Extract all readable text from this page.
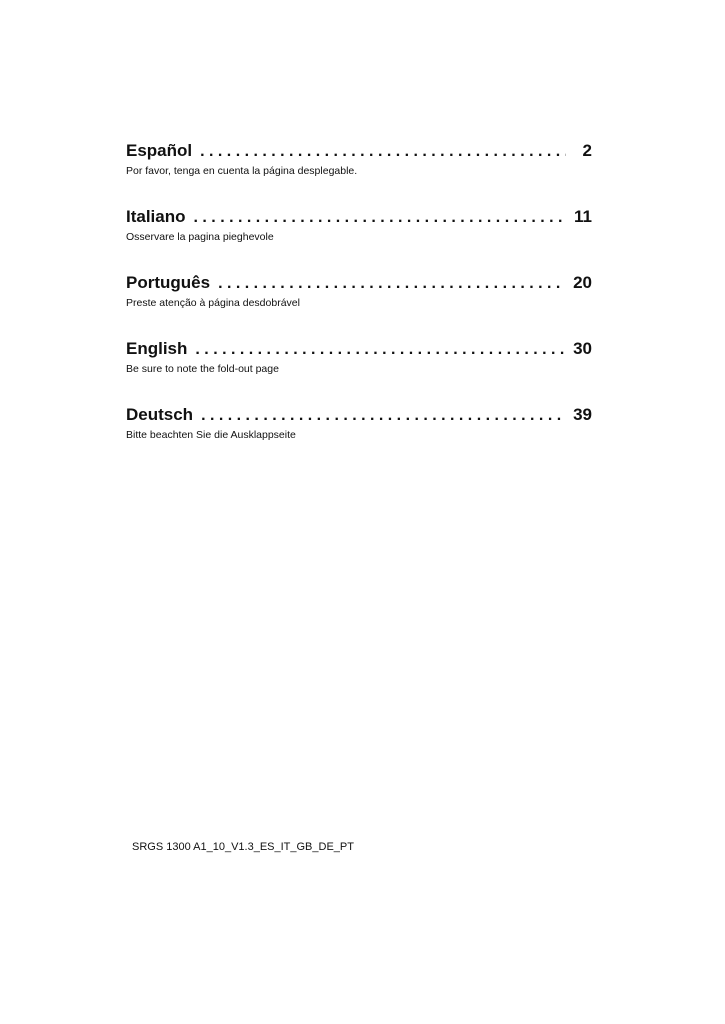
Español . . .	2
Por favor, tenga en cuenta la página desplegable.
Italiano . . .	11
Osservare la pagina pieghevole
Português . . .	20
Preste atenção à página desdobrável
English . . .	30
Be sure to note the fold-out page
Deutsch . . .	39
Bitte beachten Sie die Ausklappseite
SRGS 1300 A1_10_V1.3_ES_IT_GB_DE_PT
